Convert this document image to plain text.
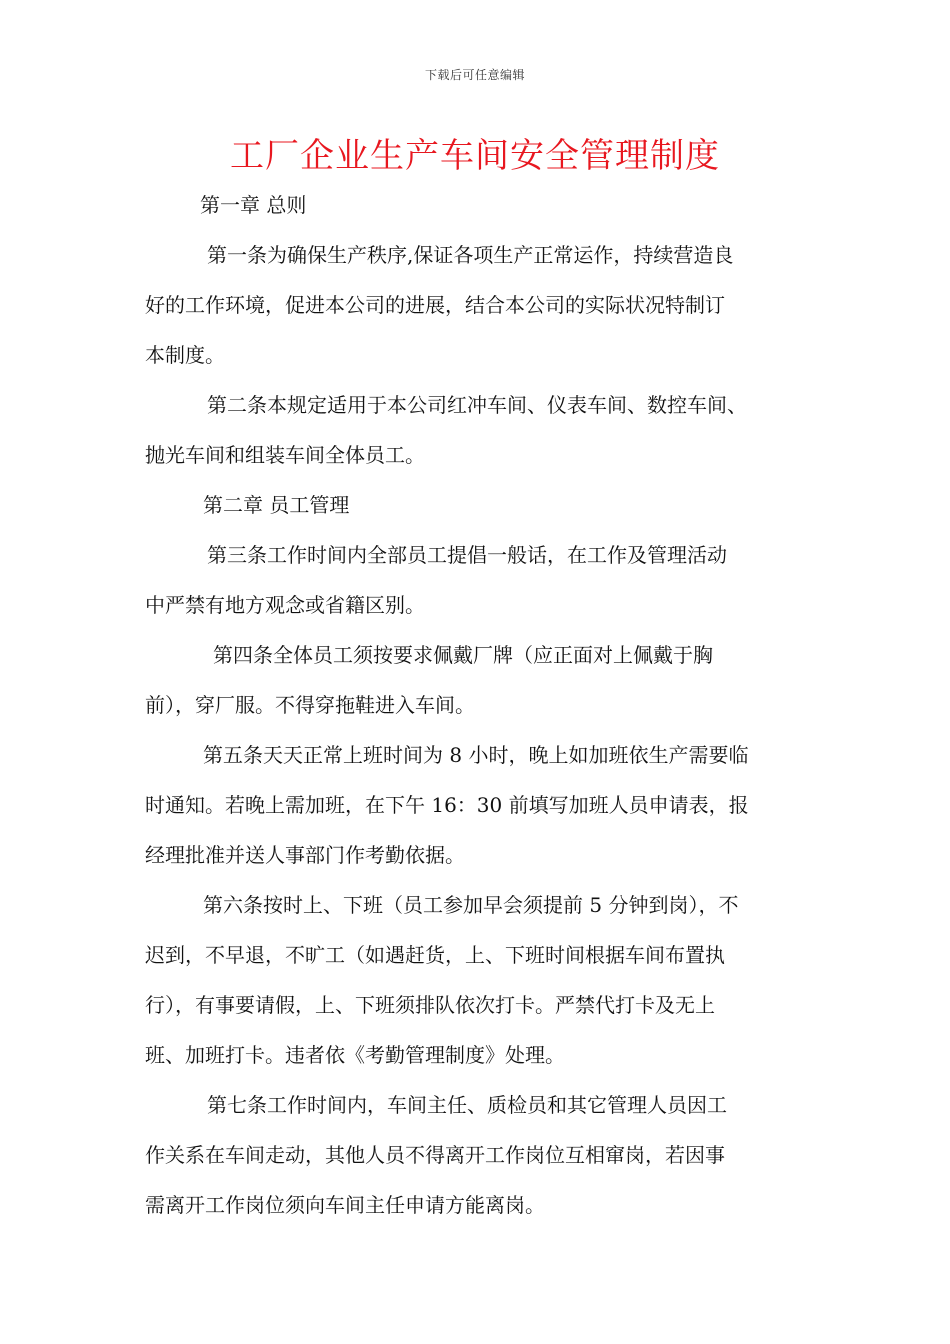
下载后可任意编辑
工厂企业生产车间安全管理制度
第一章 总则
第一条为确保生产秩序,保证各项生产正常运作，持续营造良
好的工作环境，促进本公司的进展，结合本公司的实际状况特制订
本制度。
第二条本规定适用于本公司红冲车间、仪表车间、数控车间、
抛光车间和组装车间全体员工。
第二章 员工管理
第三条工作时间内全部员工提倡一般话，在工作及管理活动
中严禁有地方观念或省籍区别。
第四条全体员工须按要求佩戴厂牌（应正面对上佩戴于胸
前），穿厂服。不得穿拖鞋进入车间。
第五条天天正常上班时间为 8 小时，晚上如加班依生产需要临
时通知。若晚上需加班，在下午 16：30 前填写加班人员申请表，报
经理批准并送人事部门作考勤依据。
第六条按时上、下班（员工参加早会须提前 5 分钟到岗），不
迟到，不早退，不旷工（如遇赶货，上、下班时间根据车间布置执
行），有事要请假，上、下班须排队依次打卡。严禁代打卡及无上
班、加班打卡。违者依《考勤管理制度》处理。
第七条工作时间内，车间主任、质检员和其它管理人员因工
作关系在车间走动，其他人员不得离开工作岗位互相窜岗，若因事
需离开工作岗位须向车间主任申请方能离岗。
